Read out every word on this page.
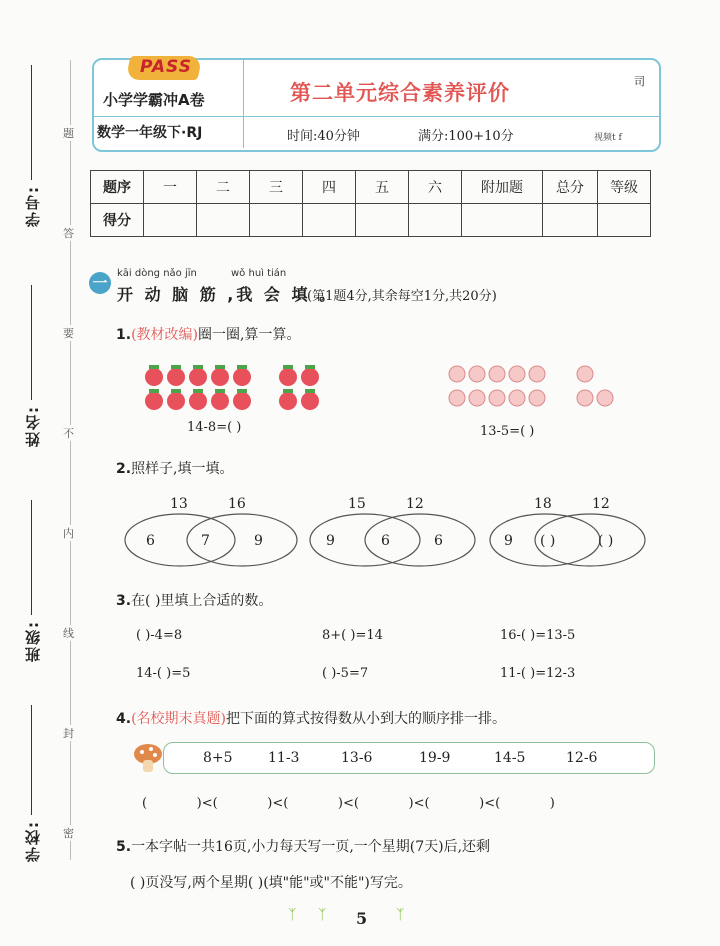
学号:
姓名:
班级:
学校:
题
答
要
不
内
线
封
密
PASS
小学学霸冲A卷
数学一年级下·RJ
第二单元综合素养评价
时间:40分钟	满分:100+10分
司
视频t f
题序	一	二	三	四	五	六	附加题	总分	等级
得分									
一
kāi dòng nǎo jīn	wǒ huì tián
开 动 脑 筋 ,我 会 填 。
(第1题4分,其余每空1分,共20分)
1.(教材改编)圈一圈,算一算。
14-8=( )	13-5=( )
2.照样子,填一填。
13	16
6	7	9
15	12
9	6	6
18	12
9 ( )	( )
3.在( )里填上合适的数。
( )-4=8	8+( )=14	16-( )=13-5
14-( )=5	( )-5=7	11-( )=12-3
4.(名校期末真题)把下面的算式按得数从小到大的顺序排一排。
8+5	11-3	13-6	19-9	14-5	12-6
(            )<(            )<(            )<(            )<(            )<(            )
5.一本字帖一共16页,小力每天写一页,一个星期(7天)后,还剩
( )页没写,两个星期( )(填"能"或"不能")写完。
ᛉ ᛉ 5 ᛉ
